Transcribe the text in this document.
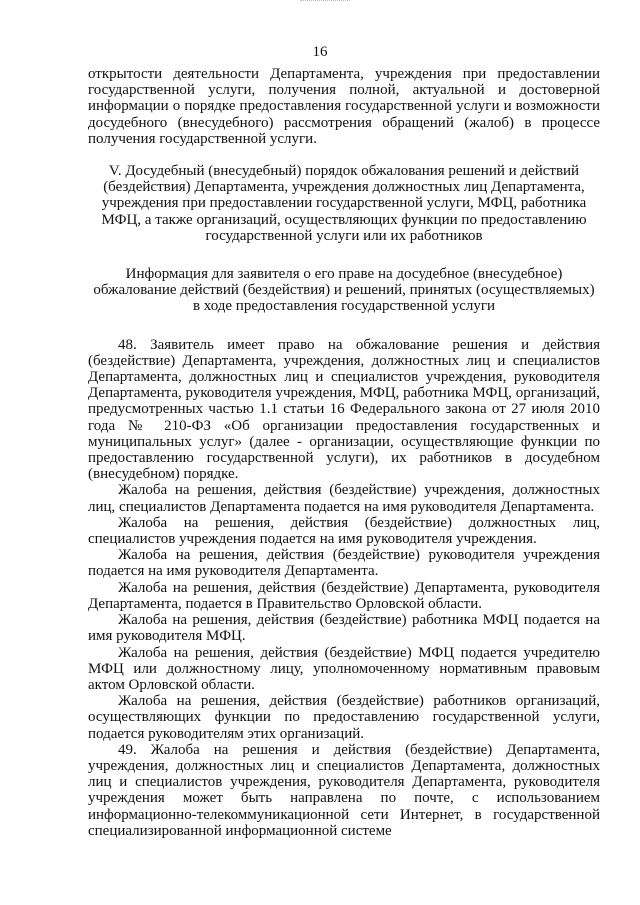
16

открытости деятельности Департамента, учреждения при предоставлении государственной услуги, получения полной, актуальной и достоверной информации о порядке предоставления государственной услуги и возможности досудебного (внесудебного) рассмотрения обращений (жалоб) в процессе получения государственной услуги.

V. Досудебный (внесудебный) порядок обжалования решений и действий (бездействия) Департамента, учреждения должностных лиц Департамента, учреждения при предоставлении государственной услуги, МФЦ, работника МФЦ, а также организаций, осуществляющих функции по предоставлению государственной услуги или их работников
Информация для заявителя о его праве на досудебное (внесудебное) обжалование действий (бездействия) и решений, принятых (осуществляемых) в ходе предоставления государственной услуги

48. Заявитель имеет право на обжалование решения и действия (бездействие) Департамента, учреждения, должностных лиц и специалистов Департамента, должностных лиц и специалистов учреждения, руководителя Департамента, руководителя учреждения, МФЦ, работника МФЦ, организаций, предусмотренных частью 1.1 статьи 16 Федерального закона от 27 июля 2010 года № 210-ФЗ «Об организации предоставления государственных и муниципальных услуг» (далее - организации, осуществляющие функции по предоставлению государственной услуги), их работников в досудебном (внесудебном) порядке.

Жалоба на решения, действия (бездействие) учреждения, должностных лиц, специалистов Департамента подается на имя руководителя Департамента.

Жалоба на решения, действия (бездействие) должностных лиц, специалистов учреждения подается на имя руководителя учреждения.

Жалоба на решения, действия (бездействие) руководителя учреждения подается на имя руководителя Департамента.

Жалоба на решения, действия (бездействие) Департамента, руководителя Департамента, подается в Правительство Орловской области.

Жалоба на решения, действия (бездействие) работника МФЦ подается на имя руководителя МФЦ.

Жалоба на решения, действия (бездействие) МФЦ подается учредителю МФЦ или должностному лицу, уполномоченному нормативным правовым актом Орловской области.

Жалоба на решения, действия (бездействие) работников организаций, осуществляющих функции по предоставлению государственной услуги, подается руководителям этих организаций.

49. Жалоба на решения и действия (бездействие) Департамента, учреждения, должностных лиц и специалистов Департамента, должностных лиц и специалистов учреждения, руководителя Департамента, руководителя учреждения может быть направлена по почте, с использованием информационно-телекоммуникационной сети Интернет, в государственной специализированной информационной системе
